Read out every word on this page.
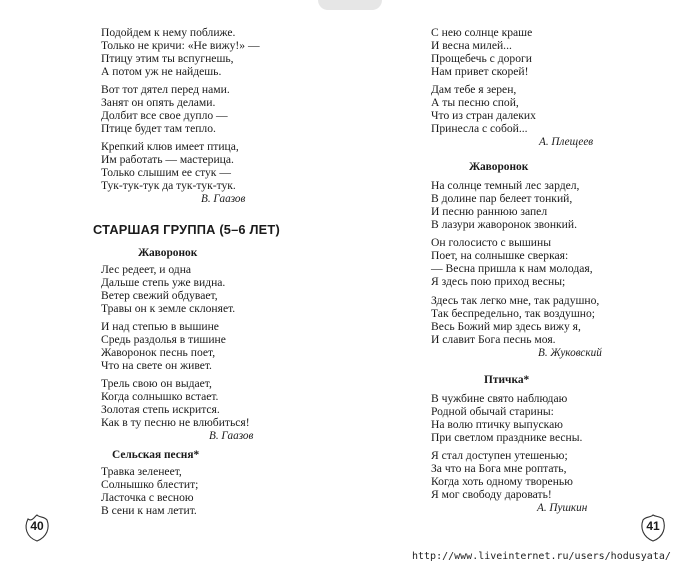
Подойдем к нему поближе.
Только не кричи: «Не вижу!» —
Птицу этим ты вспугнешь,
А потом уж не найдешь.
Вот тот дятел перед нами.
Занят он опять делами.
Долбит все свое дупло —
Птице будет там тепло.
Крепкий клюв имеет птица,
Им работать — мастерица.
Только слышим ее стук —
Тук-тук-тук да тук-тук-тук.
В. Гаазов
СТАРШАЯ ГРУППА (5–6 ЛЕТ)
Жаворонок
Лес редеет, и одна
Дальше степь уже видна.
Ветер свежий обдувает,
Травы он к земле склоняет.
И над степью в вышине
Средь раздолья в тишине
Жаворонок песнь поет,
Что на свете он живет.
Трель свою он выдает,
Когда солнышко встает.
Золотая степь искрится.
Как в ту песню не влюбиться!
В. Гаазов
Сельская песня*
Травка зеленеет,
Солнышко блестит;
Ласточка с весною
В сени к нам летит.
40
С нею солнце краше
И весна милей...
Прощебечь с дороги
Нам привет скорей!
Дам тебе я зерен,
А ты песню спой,
Что из стран далеких
Принесла с собой...
А. Плещеев
Жаворонок
На солнце темный лес зардел,
В долине пар белеет тонкий,
И песню раннюю запел
В лазури жаворонок звонкий.
Он голосисто с вышины
Поет, на солнышке сверкая:
— Весна пришла к нам молодая,
Я здесь пою приход весны;
Здесь так легко мне, так радушно,
Так беспредельно, так воздушно;
Весь Божий мир здесь вижу я,
И славит Бога песнь моя.
В. Жуковский
Птичка*
В чужбине свято наблюдаю
Родной обычай старины:
На волю птичку выпускаю
При светлом празднике весны.
Я стал доступен утешенью;
За что на Бога мне роптать,
Когда хоть одному творенью
Я мог свободу даровать!
А. Пушкин
41
http://www.liveinternet.ru/users/hodusyata/
